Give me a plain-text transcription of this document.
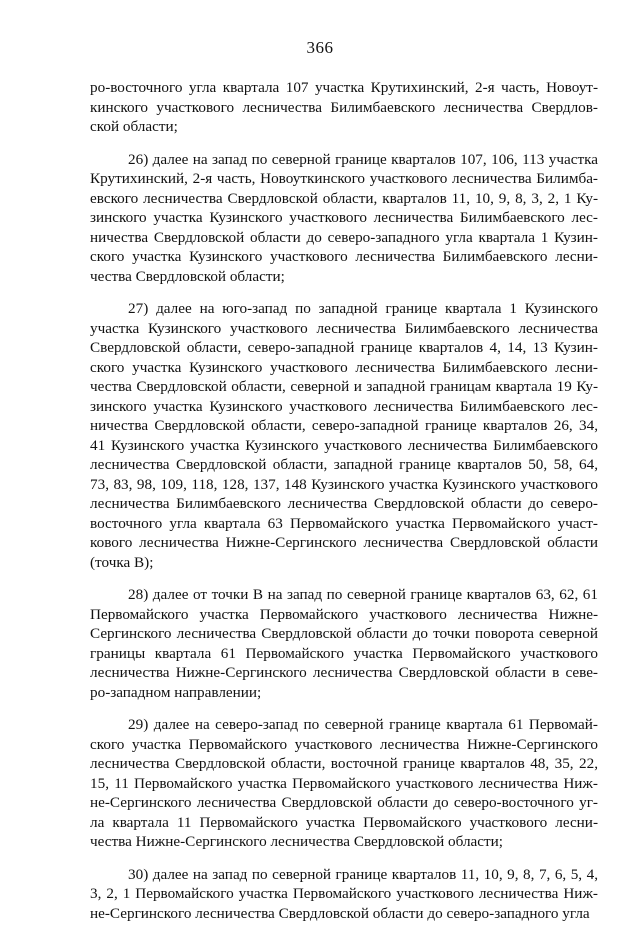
366
ро-восточного угла квартала 107 участка Крутихинский, 2-я часть, Новоут-
кинского участкового лесничества Билимбаевского лесничества Свердлов-
ской области;
26) далее на запад по северной границе кварталов 107, 106, 113 участка
Крутихинский, 2-я часть, Новоуткинского участкового лесничества Билимба-
евского лесничества Свердловской области, кварталов 11, 10, 9, 8, 3, 2, 1 Ку-
зинского участка Кузинского участкового лесничества Билимбаевского лес-
ничества Свердловской области до северо-западного угла квартала 1 Кузин-
ского участка Кузинского участкового лесничества Билимбаевского лесни-
чества Свердловской области;
27) далее на юго-запад по западной границе квартала 1 Кузинского
участка Кузинского участкового лесничества Билимбаевского лесничества
Свердловской области, северо-западной границе кварталов 4, 14, 13 Кузин-
ского участка Кузинского участкового лесничества Билимбаевского лесни-
чества Свердловской области, северной и западной границам квартала 19 Ку-
зинского участка Кузинского участкового лесничества Билимбаевского лес-
ничества Свердловской области, северо-западной границе кварталов 26, 34,
41 Кузинского участка Кузинского участкового лесничества Билимбаевского
лесничества Свердловской области, западной границе кварталов 50, 58, 64,
73, 83, 98, 109, 118, 128, 137, 148 Кузинского участка Кузинского участкового
лесничества Билимбаевского лесничества Свердловской области до северо-
восточного угла квартала 63 Первомайского участка Первомайского участ-
кового лесничества Нижне-Сергинского лесничества Свердловской области
(точка В);
28) далее от точки В на запад по северной границе кварталов 63, 62, 61
Первомайского участка Первомайского участкового лесничества Нижне-
Сергинского лесничества Свердловской области до точки поворота северной
границы квартала 61 Первомайского участка Первомайского участкового
лесничества Нижне-Сергинского лесничества Свердловской области в севе-
ро-западном направлении;
29) далее на северо-запад по северной границе квартала 61 Первомай-
ского участка Первомайского участкового лесничества Нижне-Сергинского
лесничества Свердловской области, восточной границе кварталов 48, 35, 22,
15, 11 Первомайского участка Первомайского участкового лесничества Ниж-
не-Сергинского лесничества Свердловской области до северо-восточного уг-
ла квартала 11 Первомайского участка Первомайского участкового лесни-
чества Нижне-Сергинского лесничества Свердловской области;
30) далее на запад по северной границе кварталов 11, 10, 9, 8, 7, 6, 5, 4,
3, 2, 1 Первомайского участка Первомайского участкового лесничества Ниж-
не-Сергинского лесничества Свердловской области до северо-западного угла
